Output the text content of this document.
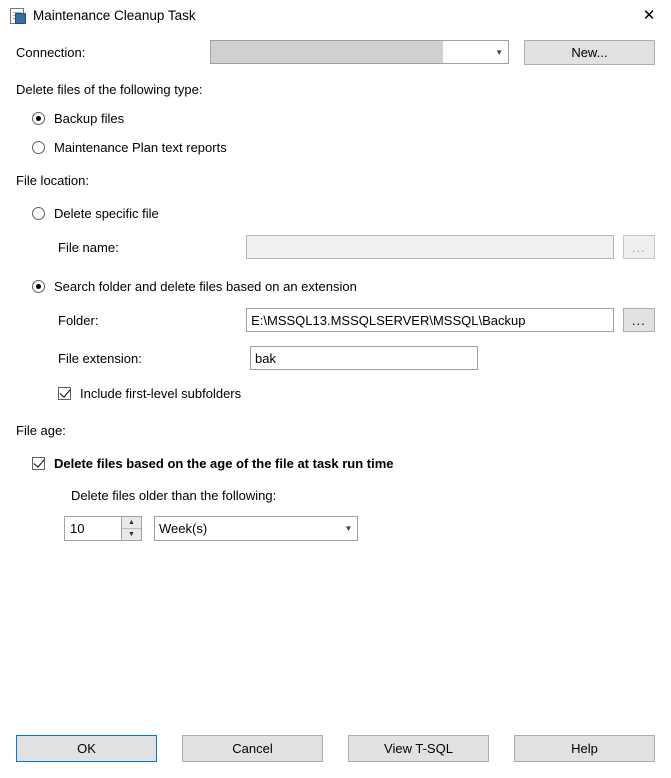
Maintenance Cleanup Task	✕
Connection:	▼	New...
Delete files of the following type:
Backup files
Maintenance Plan text reports
File location:
Delete specific file
File name:	...
Search folder and delete files based on an extension
Folder:	E:\MSSQL13.MSSQLSERVER\MSSQL\Backup	...
File extension:	bak
Include first-level subfolders
File age:
Delete files based on the age of the file at task run time
Delete files older than the following:
10	▲
▼	Week(s)	▼
OK	Cancel	View T-SQL	Help
